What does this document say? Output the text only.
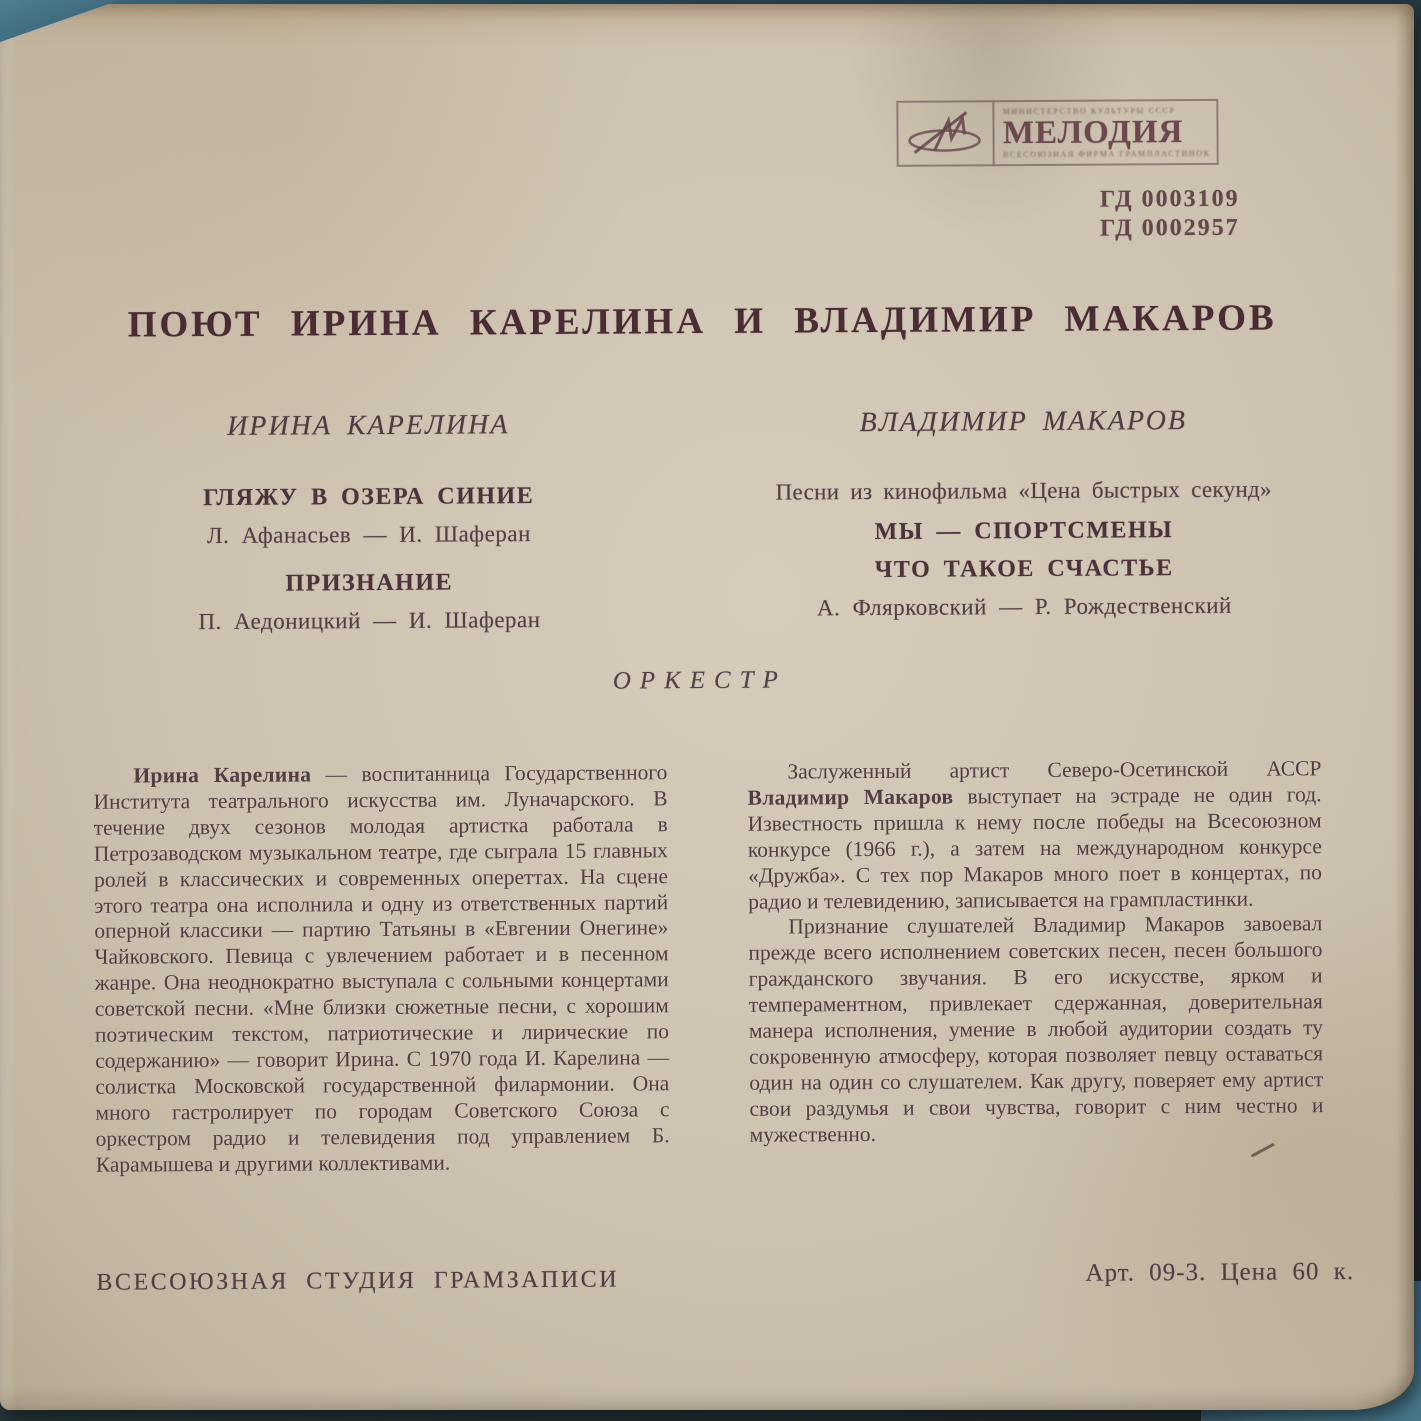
МИНИСТЕРСТВО КУЛЬТУРЫ СССР
МЕЛОДИЯ
ВСЕСОЮЗНАЯ ФИРМА ГРАМПЛАСТИНОК
ГД 0003109
ГД 0002957
ПОЮТ ИРИНА КАРЕЛИНА И ВЛАДИМИР МАКАРОВ
ИРИНА КАРЕЛИНА	ВЛАДИМИР МАКАРОВ

ГЛЯЖУ В ОЗЕРА СИНИЕ

Л. Афанасьев — И. Шаферан

ПРИЗНАНИЕ

П. Аедоницкий — И. Шаферан

Песни из кинофильма «Цена быстрых секунд»

МЫ — СПОРТСМЕНЫ

ЧТО ТАКОЕ СЧАСТЬЕ

А. Флярковский — Р. Рождественский

ОРКЕСТР

Ирина Карелина — воспитанница Государственного Института театрального искусства им. Луначарского. В течение двух сезонов молодая артистка работала в Петрозаводском музыкальном театре, где сыграла 15 главных ролей в классических и современных опереттах. На сцене этого театра она исполнила и одну из ответственных партий оперной классики — партию Татьяны в «Евгении Онегине» Чайковского. Певица с увлечением работает и в песенном жанре. Она неоднократно выступала с сольными концертами советской песни. «Мне близки сюжетные песни, с хорошим поэтическим текстом, патриотические и лирические по содержанию» — говорит Ирина. С 1970 года И. Карелина — солистка Московской государственной филармонии. Она много гастролирует по городам Советского Союза с оркестром радио и телевидения под управлением Б. Карамышева и другими коллективами.

Заслуженный артист Северо-Осетинской АССР Владимир Макаров выступает на эстраде не один год. Известность пришла к нему после победы на Всесоюзном конкурсе (1966 г.), а затем на международном конкурсе «Дружба». С тех пор Макаров много поет в концертах, по радио и телевидению, записывается на грампластинки.

Признание слушателей Владимир Макаров завоевал прежде всего исполнением советских песен, песен большого гражданского звучания. В его искусстве, ярком и темпераментном, привлекает сдержанная, доверительная манера исполнения, умение в любой аудитории создать ту сокровенную атмосферу, которая позволяет певцу оставаться один на один со слушателем. Как другу, поверяет ему артист свои раздумья и свои чувства, говорит с ним честно и мужественно.

ВСЕСОЮЗНАЯ СТУДИЯ ГРАМЗАПИСИ	Арт. 09-3. Цена 60 к.
